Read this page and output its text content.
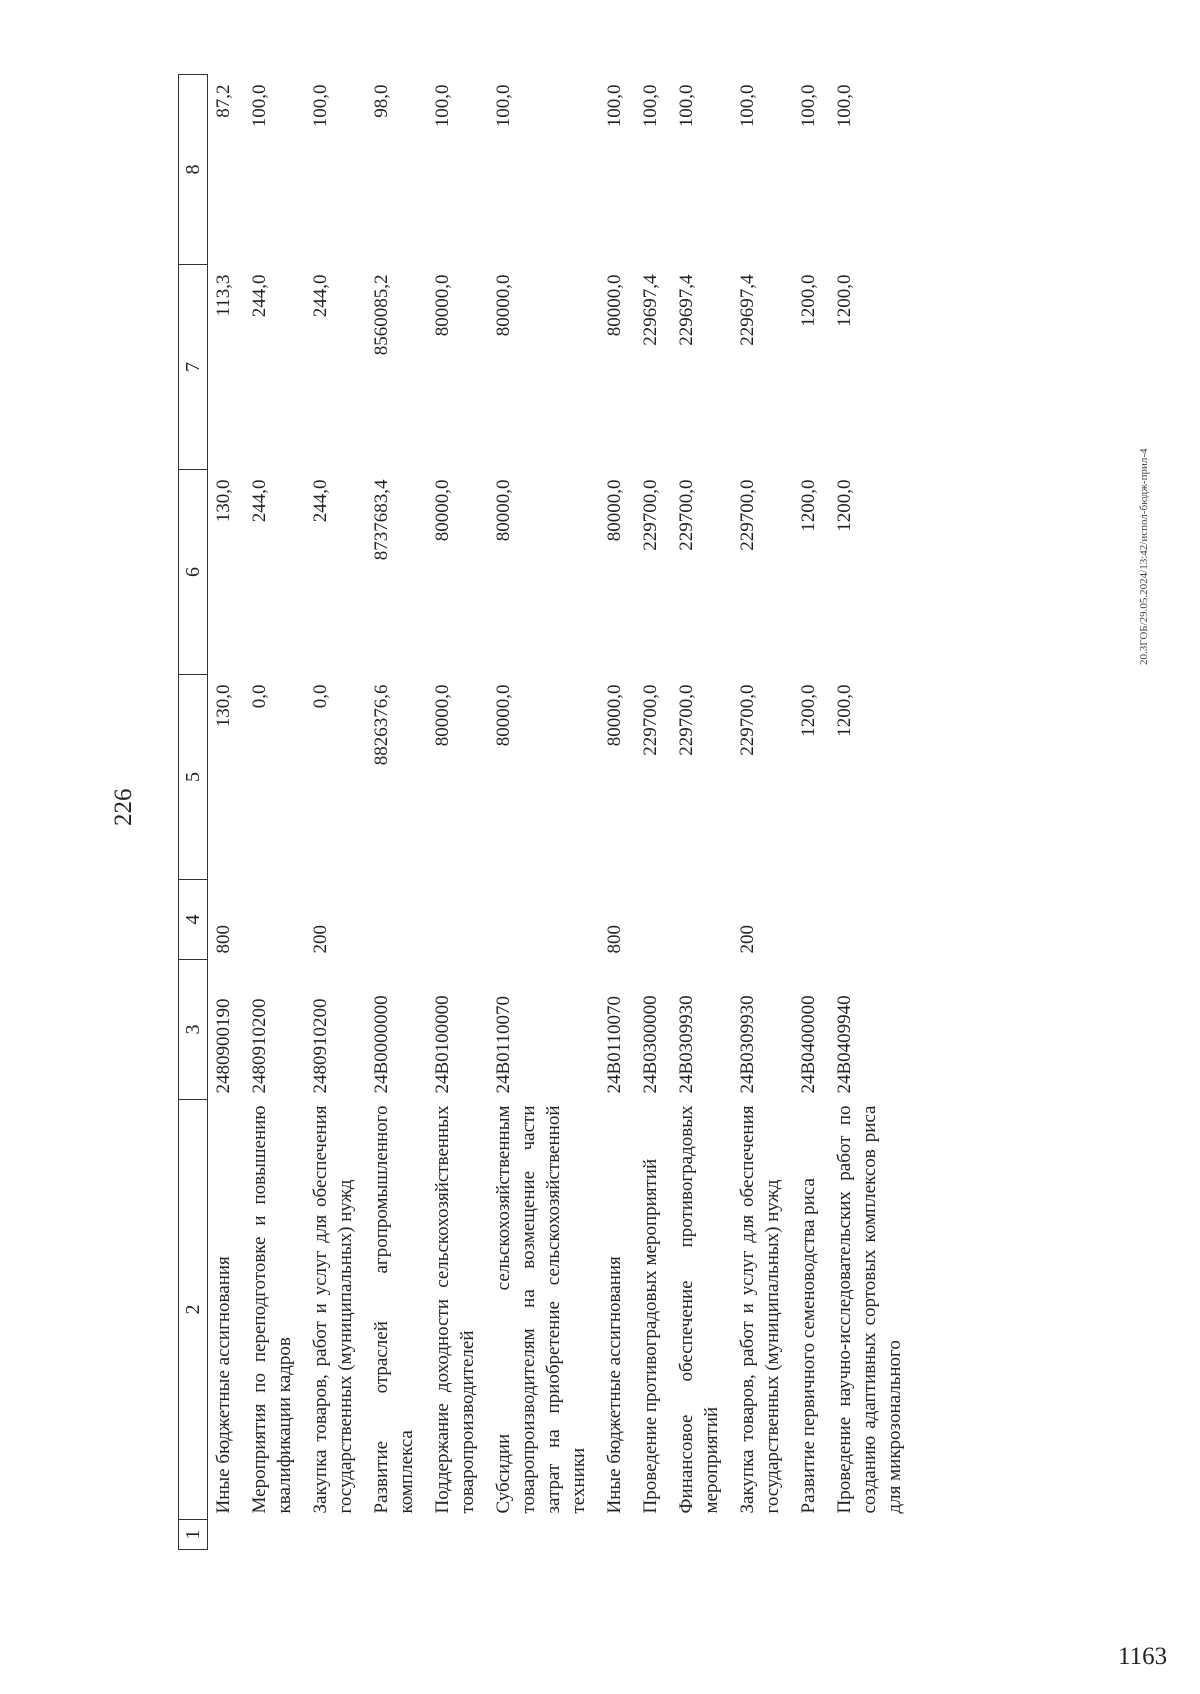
226
1	2	3	4	5	6	7	8
	Иные бюджетные ассигнования	2480900190	800	130,0	130,0	113,3	87,2
	Мероприятия по переподготовке и повышению квалификации кадров	2480910200		0,0	244,0	244,0	100,0
	Закупка товаров, работ и услуг для обеспечения государственных (муниципальных) нужд	2480910200	200	0,0	244,0	244,0	100,0
	Развитие отраслей агропромышленного комплекса	24В0000000		8826376,6	8737683,4	8560085,2	98,0
	Поддержание доходности сельскохозяйственных товаропроизводителей	24В0100000		80000,0	80000,0	80000,0	100,0
	Субсидии сельскохозяйственным товаропроизводителям на возмещение части затрат на приобретение сельскохозяйственной техники	24В0110070		80000,0	80000,0	80000,0	100,0
	Иные бюджетные ассигнования	24В0110070	800	80000,0	80000,0	80000,0	100,0
	Проведение противоградовых мероприятий	24В0300000		229700,0	229700,0	229697,4	100,0
	Финансовое обеспечение противоградовых мероприятий	24В0309930		229700,0	229700,0	229697,4	100,0
	Закупка товаров, работ и услуг для обеспечения государственных (муниципальных) нужд	24В0309930	200	229700,0	229700,0	229697,4	100,0
	Развитие первичного семеноводства риса	24В0400000		1200,0	1200,0	1200,0	100,0
	Проведение научно-исследовательских работ по созданию адаптивных сортовых комплексов риса для микрозонального	24В0409940		1200,0	1200,0	1200,0	100,0
20.3ГОБ/29.05.2024/13:42/испол-бюдж-прил-4
1163
